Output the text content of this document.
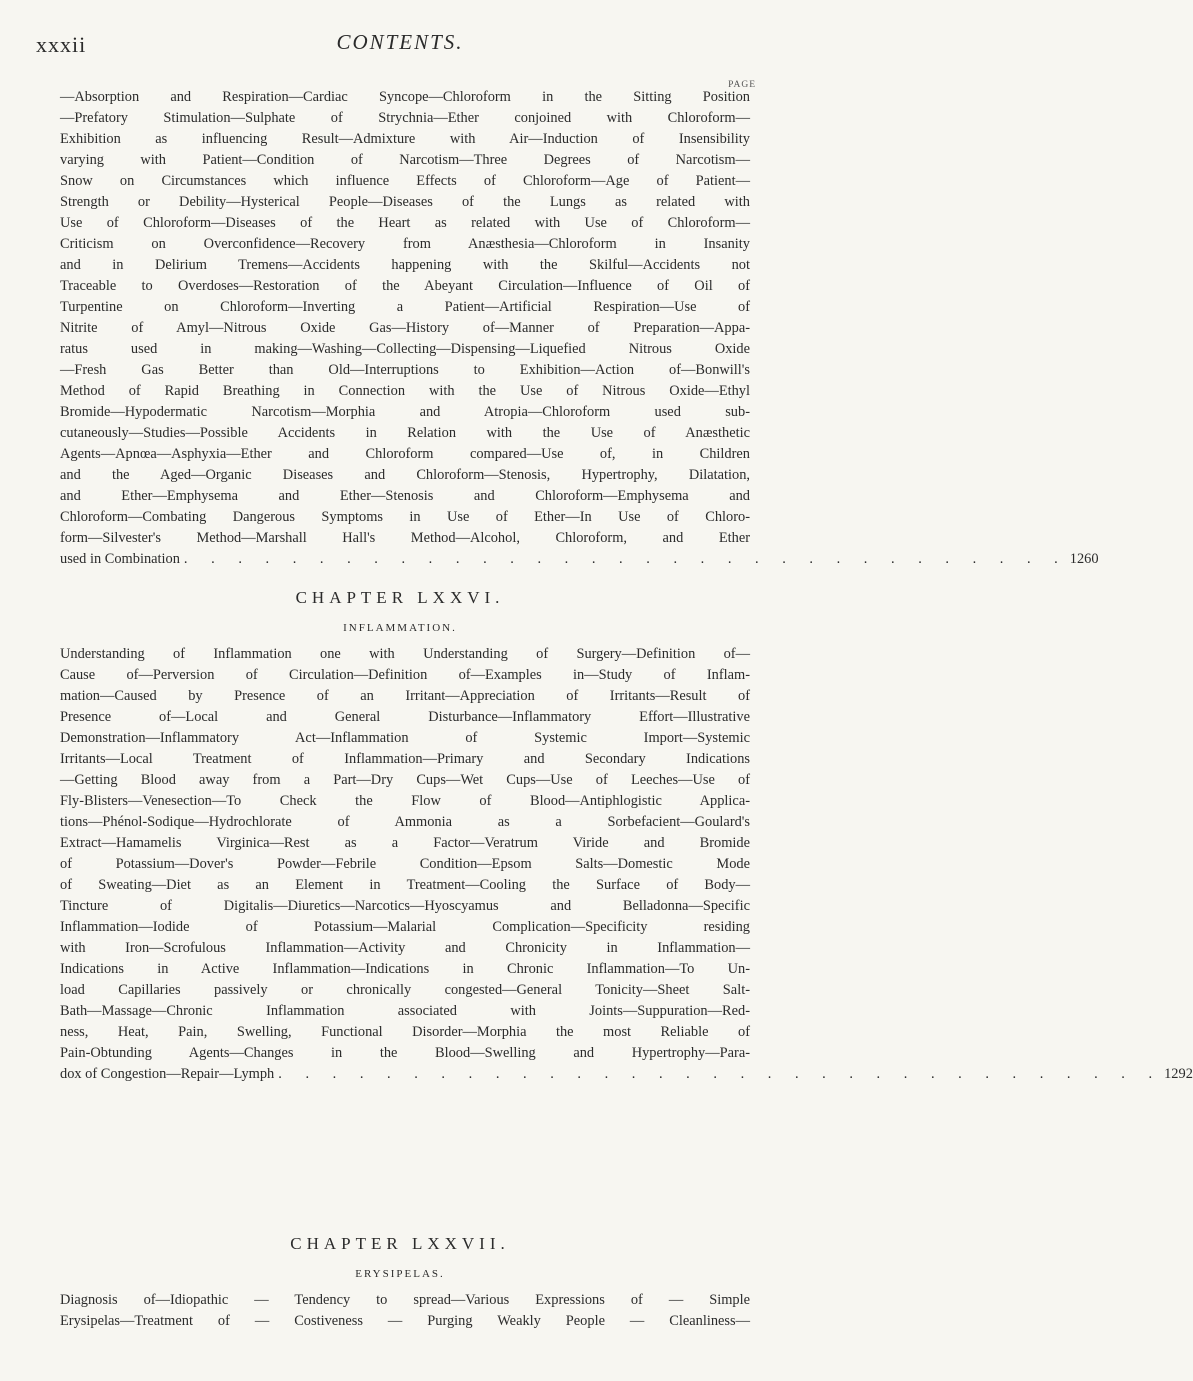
xxxii	CONTENTS.
PAGE
—Absorption and Respiration—Cardiac Syncope—Chloroform in the Sitting Position
—Prefatory Stimulation—Sulphate of Strychnia—Ether conjoined with Chloroform—
Exhibition as influencing Result—Admixture with Air—Induction of Insensibility
varying with Patient—Condition of Narcotism—Three Degrees of Narcotism—
Snow on Circumstances which influence Effects of Chloroform—Age of Patient—
Strength or Debility—Hysterical People—Diseases of the Lungs as related with
Use of Chloroform—Diseases of the Heart as related with Use of Chloroform—
Criticism on Overconfidence—Recovery from Anæsthesia—Chloroform in Insanity
and in Delirium Tremens—Accidents happening with the Skilful—Accidents not
Traceable to Overdoses—Restoration of the Abeyant Circulation—Influence of Oil of
Turpentine on Chloroform—Inverting a Patient—Artificial Respiration—Use of
Nitrite of Amyl—Nitrous Oxide Gas—History of—Manner of Preparation—Appa-
ratus used in making—Washing—Collecting—Dispensing—Liquefied Nitrous Oxide
—Fresh Gas Better than Old—Interruptions to Exhibition—Action of—Bonwill's
Method of Rapid Breathing in Connection with the Use of Nitrous Oxide—Ethyl
Bromide—Hypodermatic Narcotism—Morphia and Atropia—Chloroform used sub-
cutaneously—Studies—Possible Accidents in Relation with the Use of Anæsthetic
Agents—Apnœa—Asphyxia—Ether and Chloroform compared—Use of, in Children
and the Aged—Organic Diseases and Chloroform—Stenosis, Hypertrophy, Dilatation,
and Ether—Emphysema and Ether—Stenosis and Chloroform—Emphysema and
Chloroform—Combating Dangerous Symptoms in Use of Ether—In Use of Chloro-
form—Silvester's Method—Marshall Hall's Method—Alcohol, Chloroform, and Ether
used in Combination . . . . . . . . . . . . . . . . . . . . . . . . . . . . . . . . . 1260
CHAPTER LXXVI.
INFLAMMATION.
Understanding of Inflammation one with Understanding of Surgery—Definition of—
Cause of—Perversion of Circulation—Definition of—Examples in—Study of Inflam-
mation—Caused by Presence of an Irritant—Appreciation of Irritants—Result of
Presence of—Local and General Disturbance—Inflammatory Effort—Illustrative
Demonstration—Inflammatory Act—Inflammation of Systemic Import—Systemic
Irritants—Local Treatment of Inflammation—Primary and Secondary Indications
—Getting Blood away from a Part—Dry Cups—Wet Cups—Use of Leeches—Use of
Fly-Blisters—Venesection—To Check the Flow of Blood—Antiphlogistic Applica-
tions—Phénol-Sodique—Hydrochlorate of Ammonia as a Sorbefacient—Goulard's
Extract—Hamamelis Virginica—Rest as a Factor—Veratrum Viride and Bromide
of Potassium—Dover's Powder—Febrile Condition—Epsom Salts—Domestic Mode
of Sweating—Diet as an Element in Treatment—Cooling the Surface of Body—
Tincture of Digitalis—Diuretics—Narcotics—Hyoscyamus and Belladonna—Specific
Inflammation—Iodide of Potassium—Malarial Complication—Specificity residing
with Iron—Scrofulous Inflammation—Activity and Chronicity in Inflammation—
Indications in Active Inflammation—Indications in Chronic Inflammation—To Un-
load Capillaries passively or chronically congested—General Tonicity—Sheet Salt-
Bath—Massage—Chronic Inflammation associated with Joints—Suppuration—Red-
ness, Heat, Pain, Swelling, Functional Disorder—Morphia the most Reliable of
Pain-Obtunding Agents—Changes in the Blood—Swelling and Hypertrophy—Para-
dox of Congestion—Repair—Lymph . . . . . . . . . . . . . . . . . . . . . . . . . . . . . . . . . 1292
CHAPTER LXXVII.
ERYSIPELAS.
Diagnosis of—Idiopathic — Tendency to spread—Various Expressions of — Simple
Erysipelas—Treatment of — Costiveness — Purging Weakly People — Cleanliness—
